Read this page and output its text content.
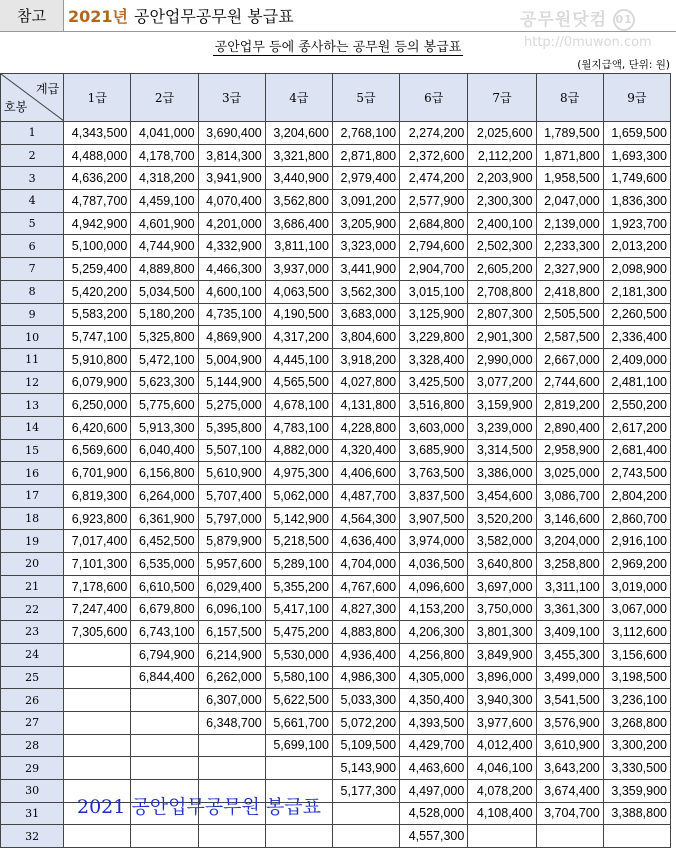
참고	2021년 공안업무공무원 봉급표	공무원닷컴 01
http://0muwon.com
공안업무 등에 종사하는 공무원 등의 봉급표
(월지급액, 단위: 원)
계급
호봉	1급	2급	3급	4급	5급	6급	7급	8급	9급
1	4,343,500	4,041,000	3,690,400	3,204,600	2,768,100	2,274,200	2,025,600	1,789,500	1,659,500
2	4,488,000	4,178,700	3,814,300	3,321,800	2,871,800	2,372,600	2,112,200	1,871,800	1,693,300
3	4,636,200	4,318,200	3,941,900	3,440,900	2,979,400	2,474,200	2,203,900	1,958,500	1,749,600
4	4,787,700	4,459,100	4,070,400	3,562,800	3,091,200	2,577,900	2,300,300	2,047,000	1,836,300
5	4,942,900	4,601,900	4,201,000	3,686,400	3,205,900	2,684,800	2,400,100	2,139,000	1,923,700
6	5,100,000	4,744,900	4,332,900	3,811,100	3,323,000	2,794,600	2,502,300	2,233,300	2,013,200
7	5,259,400	4,889,800	4,466,300	3,937,000	3,441,900	2,904,700	2,605,200	2,327,900	2,098,900
8	5,420,200	5,034,500	4,600,100	4,063,500	3,562,300	3,015,100	2,708,800	2,418,800	2,181,300
9	5,583,200	5,180,200	4,735,100	4,190,500	3,683,000	3,125,900	2,807,300	2,505,500	2,260,500
10	5,747,100	5,325,800	4,869,900	4,317,200	3,804,600	3,229,800	2,901,300	2,587,500	2,336,400
11	5,910,800	5,472,100	5,004,900	4,445,100	3,918,200	3,328,400	2,990,000	2,667,000	2,409,000
12	6,079,900	5,623,300	5,144,900	4,565,500	4,027,800	3,425,500	3,077,200	2,744,600	2,481,100
13	6,250,000	5,775,600	5,275,000	4,678,100	4,131,800	3,516,800	3,159,900	2,819,200	2,550,200
14	6,420,600	5,913,300	5,395,800	4,783,100	4,228,800	3,603,000	3,239,000	2,890,400	2,617,200
15	6,569,600	6,040,400	5,507,100	4,882,000	4,320,400	3,685,900	3,314,500	2,958,900	2,681,400
16	6,701,900	6,156,800	5,610,900	4,975,300	4,406,600	3,763,500	3,386,000	3,025,000	2,743,500
17	6,819,300	6,264,000	5,707,400	5,062,000	4,487,700	3,837,500	3,454,600	3,086,700	2,804,200
18	6,923,800	6,361,900	5,797,000	5,142,900	4,564,300	3,907,500	3,520,200	3,146,600	2,860,700
19	7,017,400	6,452,500	5,879,900	5,218,500	4,636,400	3,974,000	3,582,000	3,204,000	2,916,100
20	7,101,300	6,535,000	5,957,600	5,289,100	4,704,000	4,036,500	3,640,800	3,258,800	2,969,200
21	7,178,600	6,610,500	6,029,400	5,355,200	4,767,600	4,096,600	3,697,000	3,311,100	3,019,000
22	7,247,400	6,679,800	6,096,100	5,417,100	4,827,300	4,153,200	3,750,000	3,361,300	3,067,000
23	7,305,600	6,743,100	6,157,500	5,475,200	4,883,800	4,206,300	3,801,300	3,409,100	3,112,600
24		6,794,900	6,214,900	5,530,000	4,936,400	4,256,800	3,849,900	3,455,300	3,156,600
25		6,844,400	6,262,000	5,580,100	4,986,300	4,305,000	3,896,000	3,499,000	3,198,500
26			6,307,000	5,622,500	5,033,300	4,350,400	3,940,300	3,541,500	3,236,100
27			6,348,700	5,661,700	5,072,200	4,393,500	3,977,600	3,576,900	3,268,800
28				5,699,100	5,109,500	4,429,700	4,012,400	3,610,900	3,300,200
29					5,143,900	4,463,600	4,046,100	3,643,200	3,330,500
30					5,177,300	4,497,000	4,078,200	3,674,400	3,359,900
31						4,528,000	4,108,400	3,704,700	3,388,800
32						4,557,300			
2021 공안업무공무원 봉급표
